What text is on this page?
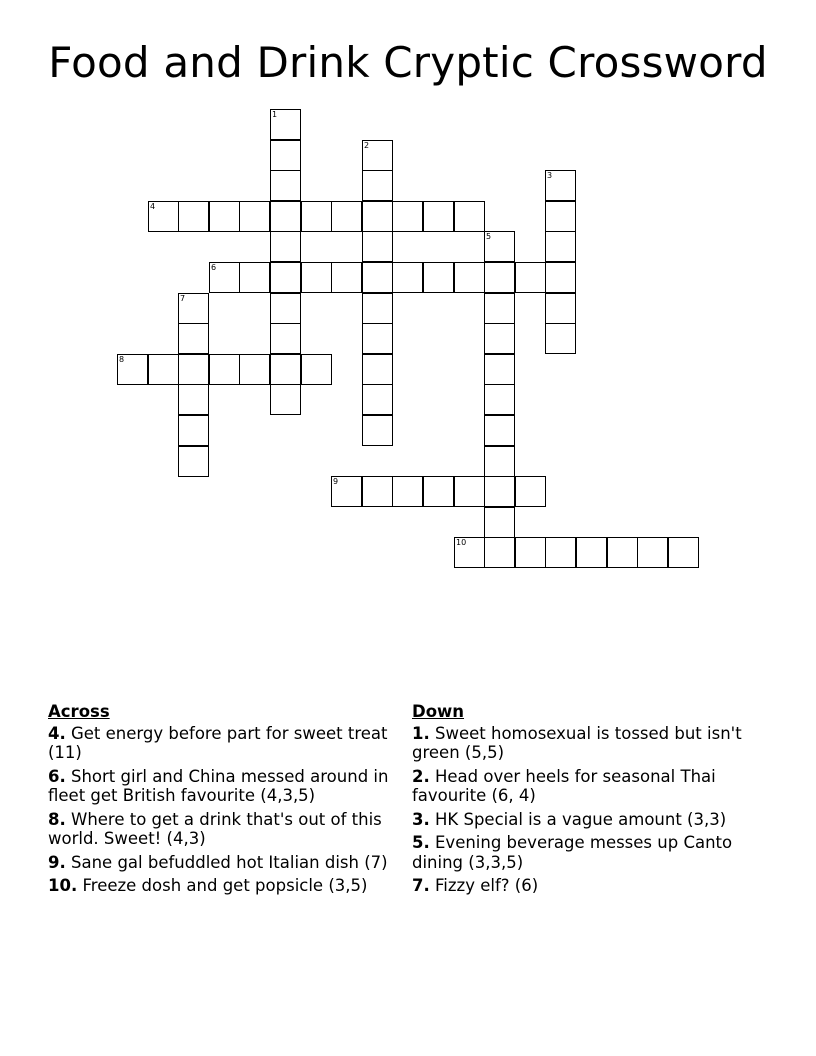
Food and Drink Cryptic Crossword
1
2
3
4
5
6
7
8
9
10
Across
4. Get energy before part for sweet treat (11)
6. Short girl and China messed around in fleet get British favourite (4,3,5)
8. Where to get a drink that's out of this world. Sweet! (4,3)
9. Sane gal befuddled hot Italian dish (7)
10. Freeze dosh and get popsicle (3,5)
Down
1. Sweet homosexual is tossed but isn't green (5,5)
2. Head over heels for seasonal Thai favourite (6, 4)
3. HK Special is a vague amount (3,3)
5. Evening beverage messes up Canto dining (3,3,5)
7. Fizzy elf? (6)
